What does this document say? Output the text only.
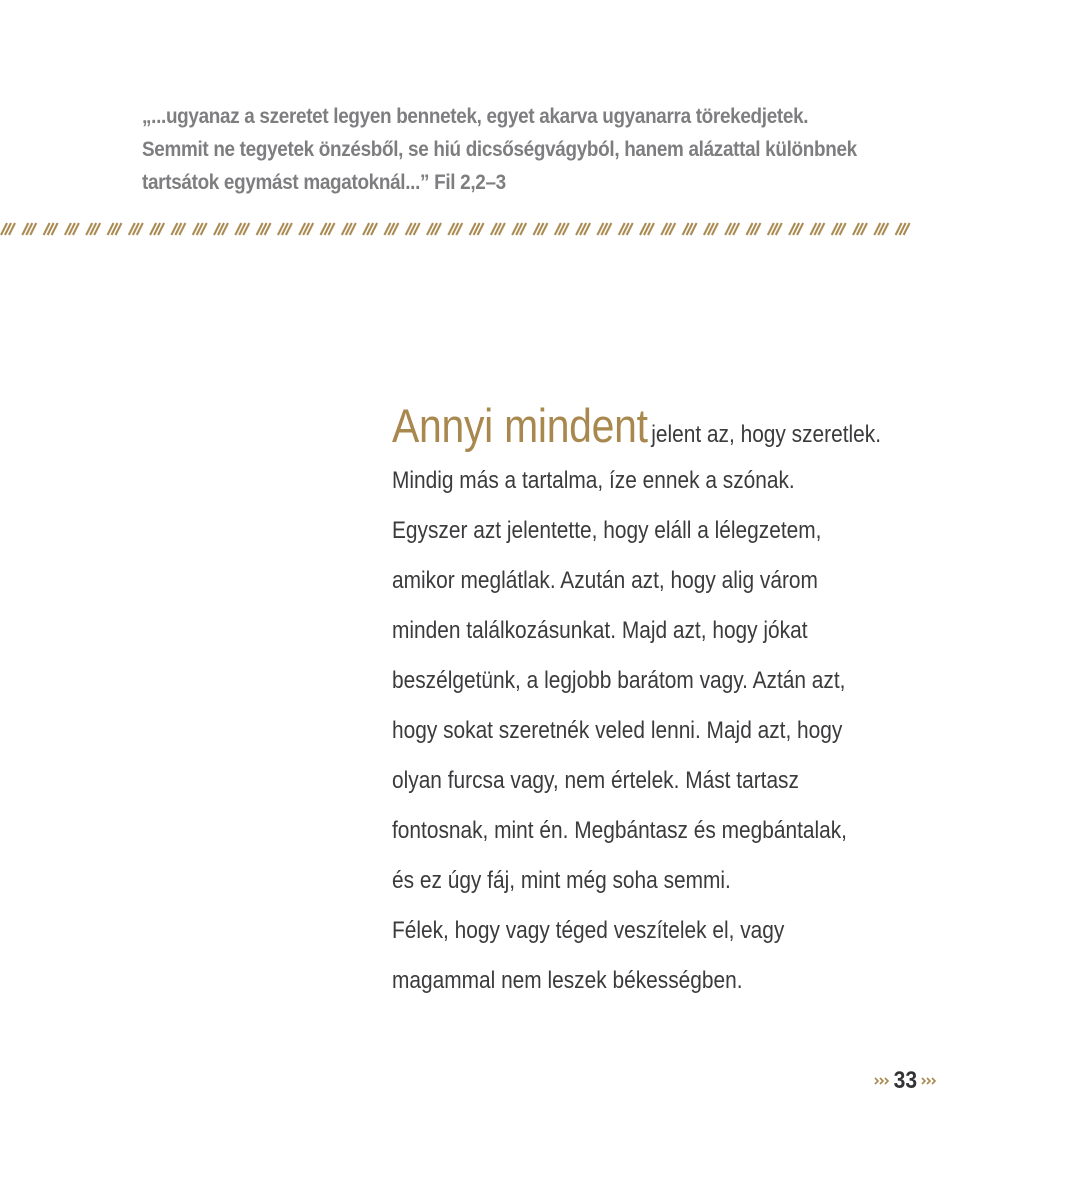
„...ugyanaz a szeretet legyen bennetek, egyet akarva ugyanarra törekedjetek.
Semmit ne tegyetek önzésből, se hiú dicsőségvágyból, hanem alázattal különbnek
tartsátok egymást magatoknál...” Fil 2,2–3
Annyi mindent jelent az, hogy szeretlek.
Mindig más a tartalma, íze ennek a szónak.
Egyszer azt jelentette, hogy eláll a lélegzetem,
amikor meglátlak. Azután azt, hogy alig várom
minden találkozásunkat. Majd azt, hogy jókat
beszélgetünk, a legjobb barátom vagy. Aztán azt,
hogy sokat szeretnék veled lenni. Majd azt, hogy
olyan furcsa vagy, nem értelek. Mást tartasz
fontosnak, mint én. Megbántasz és megbántalak,
és ez úgy fáj, mint még soha semmi.
Félek, hogy vagy téged veszítelek el, vagy
magammal nem leszek békességben.
33
